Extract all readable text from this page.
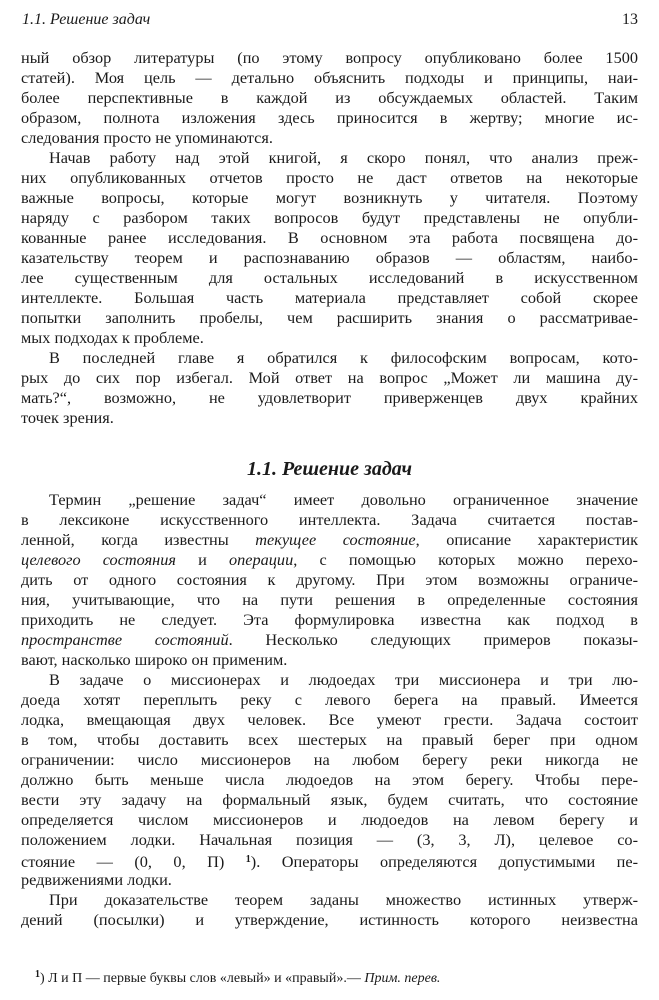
1.1. Решение задач	13
ный обзор литературы (по этому вопросу опубликовано более 1500
статей). Моя цель — детально объяснить подходы и принципы, наи-
более перспективные в каждой из обсуждаемых областей. Таким
образом, полнота изложения здесь приносится в жертву; многие ис-
следования просто не упоминаются.
Начав работу над этой книгой, я скоро понял, что анализ преж-
них опубликованных отчетов просто не даст ответов на некоторые
важные вопросы, которые могут возникнуть у читателя. Поэтому
наряду с разбором таких вопросов будут представлены не опубли-
кованные ранее исследования. В основном эта работа посвящена до-
казательству теорем и распознаванию образов — областям, наибо-
лее существенным для остальных исследований в искусственном
интеллекте. Большая часть материала представляет собой скорее
попытки заполнить пробелы, чем расширить знания о рассматривае-
мых подходах к проблеме.
В последней главе я обратился к философским вопросам, кото-
рых до сих пор избегал. Мой ответ на вопрос „Может ли машина ду-
мать?“, возможно, не удовлетворит приверженцев двух крайних
точек зрения.
1.1. Решение задач
Термин „решение задач“ имеет довольно ограниченное значение
в лексиконе искусственного интеллекта. Задача считается постав-
ленной, когда известны текущее состояние, описание характеристик
целевого состояния и операции, с помощью которых можно перехо-
дить от одного состояния к другому. При этом возможны ограниче-
ния, учитывающие, что на пути решения в определенные состояния
приходить не следует. Эта формулировка известна как подход в
пространстве состояний. Несколько следующих примеров показы-
вают, насколько широко он применим.
В задаче о миссионерах и людоедах три миссионера и три лю-
доеда хотят переплыть реку с левого берега на правый. Имеется
лодка, вмещающая двух человек. Все умеют грести. Задача состоит
в том, чтобы доставить всех шестерых на правый берег при одном
ограничении: число миссионеров на любом берегу реки никогда не
должно быть меньше числа людоедов на этом берегу. Чтобы пере-
вести эту задачу на формальный язык, будем считать, что состояние
определяется числом миссионеров и людоедов на левом берегу и
положением лодки. Начальная позиция — (3, 3, Л), целевое со-
стояние — (0, 0, П) $^1$). Операторы определяются допустимыми пе-
редвижениями лодки.
При доказательстве теорем заданы множество истинных утверж-
дений (посылки) и утверждение, истинность которого неизвестна
$^1$) Л и П — первые буквы слов «левый» и «правый».— Прим. перев.
